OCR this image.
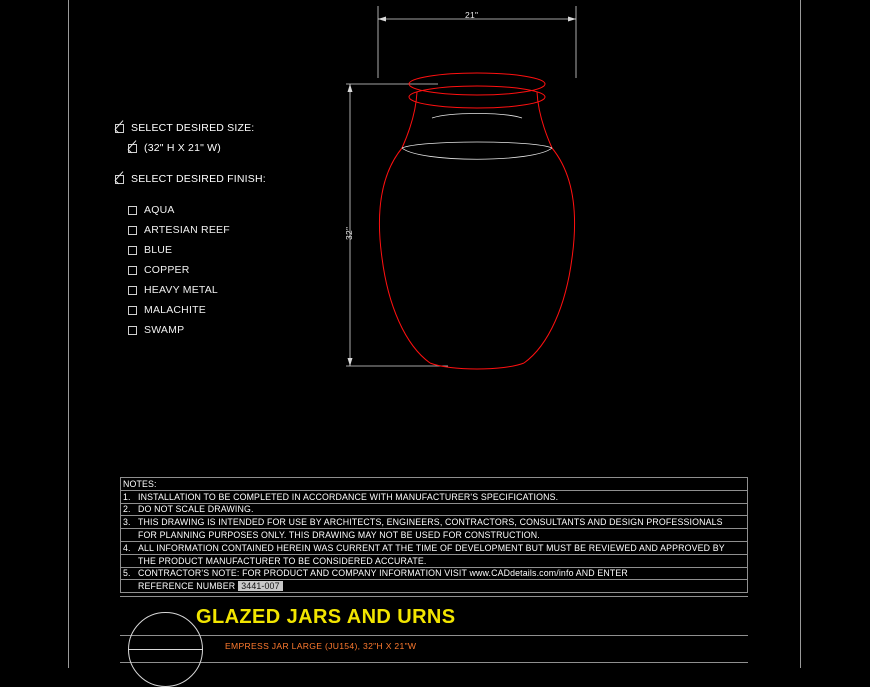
SELECT DESIRED SIZE:
(32" H X 21" W)
SELECT DESIRED FINISH:
AQUA
ARTESIAN REEF
BLUE
COPPER
HEAVY METAL
MALACHITE
SWAMP
21"
32"
NOTES:
1. INSTALLATION TO BE COMPLETED IN ACCORDANCE WITH MANUFACTURER'S SPECIFICATIONS.
2. DO NOT SCALE DRAWING.
3. THIS DRAWING IS INTENDED FOR USE BY ARCHITECTS, ENGINEERS, CONTRACTORS, CONSULTANTS AND DESIGN PROFESSIONALS
FOR PLANNING PURPOSES ONLY. THIS DRAWING MAY NOT BE USED FOR CONSTRUCTION.
4. ALL INFORMATION CONTAINED HEREIN WAS CURRENT AT THE TIME OF DEVELOPMENT BUT MUST BE REVIEWED AND APPROVED BY
THE PRODUCT MANUFACTURER TO BE CONSIDERED ACCURATE.
5. CONTRACTOR'S NOTE: FOR PRODUCT AND COMPANY INFORMATION VISIT www.CADdetails.com/info AND ENTER
REFERENCE NUMBER 3441-007
GLAZED JARS AND URNS
EMPRESS JAR LARGE (JU154), 32"H X 21"W
